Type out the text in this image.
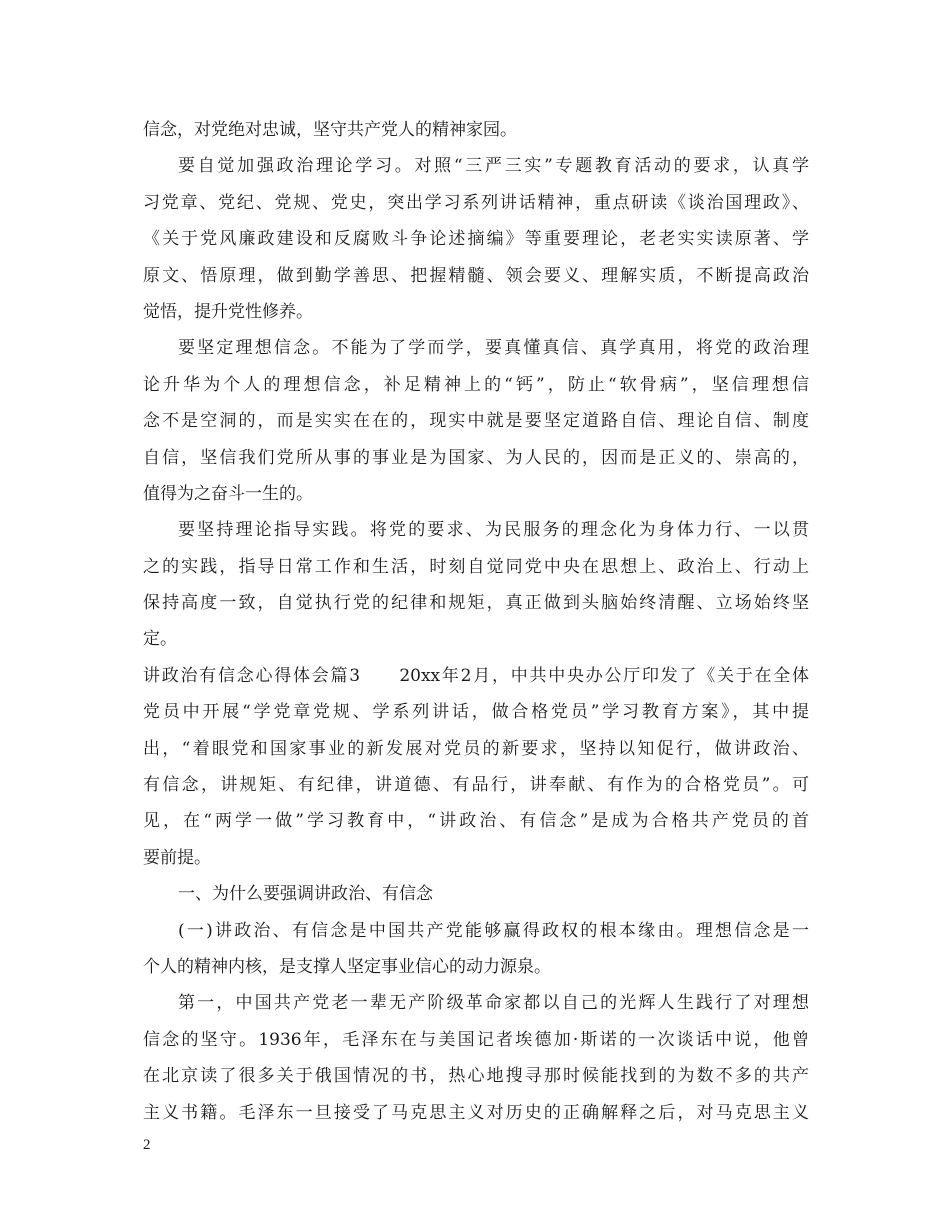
信念，对党绝对忠诚，坚守共产党人的精神家园。
要自觉加强政治理论学习。对照“三严三实”专题教育活动的要求，认真学
习党章、党纪、党规、党史，突出学习系列讲话精神，重点研读《谈治国理政》、
《关于党风廉政建设和反腐败斗争论述摘编》等重要理论，老老实实读原著、学
原文、悟原理，做到勤学善思、把握精髓、领会要义、理解实质，不断提高政治
觉悟，提升党性修养。
要坚定理想信念。不能为了学而学，要真懂真信、真学真用，将党的政治理
论升华为个人的理想信念，补足精神上的“钙”，防止“软骨病”，坚信理想信
念不是空洞的，而是实实在在的，现实中就是要坚定道路自信、理论自信、制度
自信，坚信我们党所从事的事业是为国家、为人民的，因而是正义的、崇高的，
值得为之奋斗一生的。
要坚持理论指导实践。将党的要求、为民服务的理念化为身体力行、一以贯
之的实践，指导日常工作和生活，时刻自觉同党中央在思想上、政治上、行动上
保持高度一致，自觉执行党的纪律和规矩，真正做到头脑始终清醒、立场始终坚
定。
讲政治有信念心得体会篇3　　20xx年2月，中共中央办公厅印发了《关于在全体
党员中开展“学党章党规、学系列讲话，做合格党员”学习教育方案》，其中提
出，“着眼党和国家事业的新发展对党员的新要求，坚持以知促行，做讲政治、
有信念，讲规矩、有纪律，讲道德、有品行，讲奉献、有作为的合格党员”。可
见，在“两学一做”学习教育中，“讲政治、有信念”是成为合格共产党员的首
要前提。
一、为什么要强调讲政治、有信念
(一)讲政治、有信念是中国共产党能够赢得政权的根本缘由。理想信念是一
个人的精神内核，是支撑人坚定事业信心的动力源泉。
第一，中国共产党老一辈无产阶级革命家都以自己的光辉人生践行了对理想
信念的坚守。1936年，毛泽东在与美国记者埃德加·斯诺的一次谈话中说，他曾
在北京读了很多关于俄国情况的书，热心地搜寻那时候能找到的为数不多的共产
主义书籍。毛泽东一旦接受了马克思主义对历史的正确解释之后，对马克思主义
2
